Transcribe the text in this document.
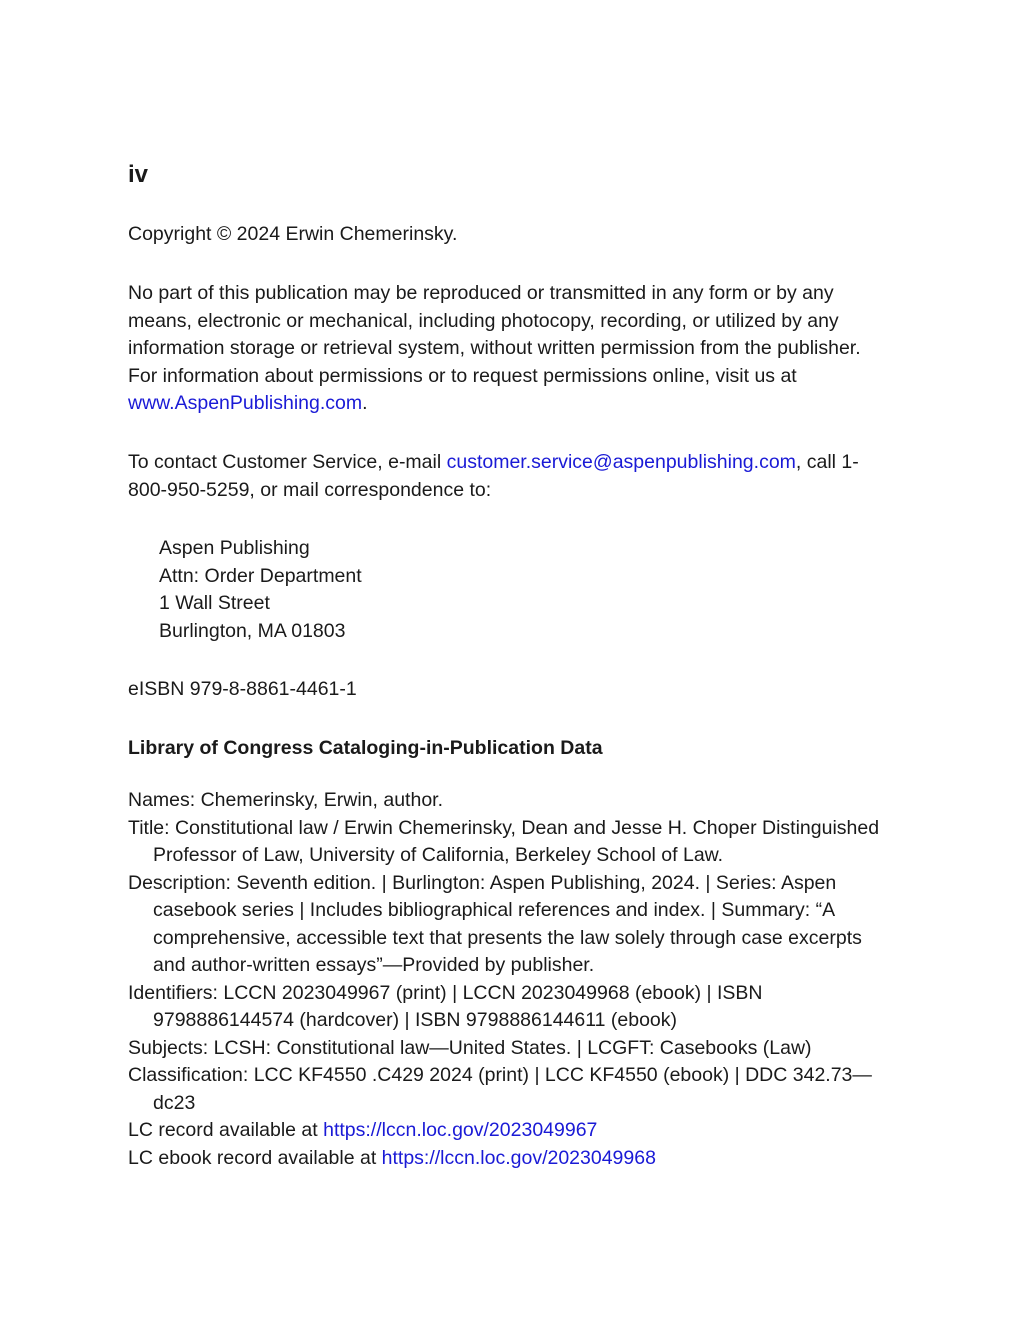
iv

Copyright © 2024 Erwin Chemerinsky.

No part of this publication may be reproduced or transmitted in any form or by any means, electronic or mechanical, including photocopy, recording, or utilized by any information storage or retrieval system, without written permission from the publisher. For information about permissions or to request permissions online, visit us at www.AspenPublishing.com.

To contact Customer Service, e-mail customer.service@aspenpublishing.com, call 1-800-950-5259, or mail correspondence to:

Aspen Publishing
Attn: Order Department
1 Wall Street
Burlington, MA 01803

eISBN 979-8-8861-4461-1

Library of Congress Cataloging-in-Publication Data
Names: Chemerinsky, Erwin, author.
Title: Constitutional law / Erwin Chemerinsky, Dean and Jesse H. Choper Distinguished Professor of Law, University of California, Berkeley School of Law.
Description: Seventh edition. | Burlington: Aspen Publishing, 2024. | Series: Aspen casebook series | Includes bibliographical references and index. | Summary: “A comprehensive, accessible text that presents the law solely through case excerpts and author-written essays”—Provided by publisher.
Identifiers: LCCN 2023049967 (print) | LCCN 2023049968 (ebook) | ISBN 9798886144574 (hardcover) | ISBN 9798886144611 (ebook)
Subjects: LCSH: Constitutional law—United States. | LCGFT: Casebooks (Law)
Classification: LCC KF4550 .C429 2024 (print) | LCC KF4550 (ebook) | DDC 342.73—dc23
LC record available at https://lccn.loc.gov/2023049967
LC ebook record available at https://lccn.loc.gov/2023049968
